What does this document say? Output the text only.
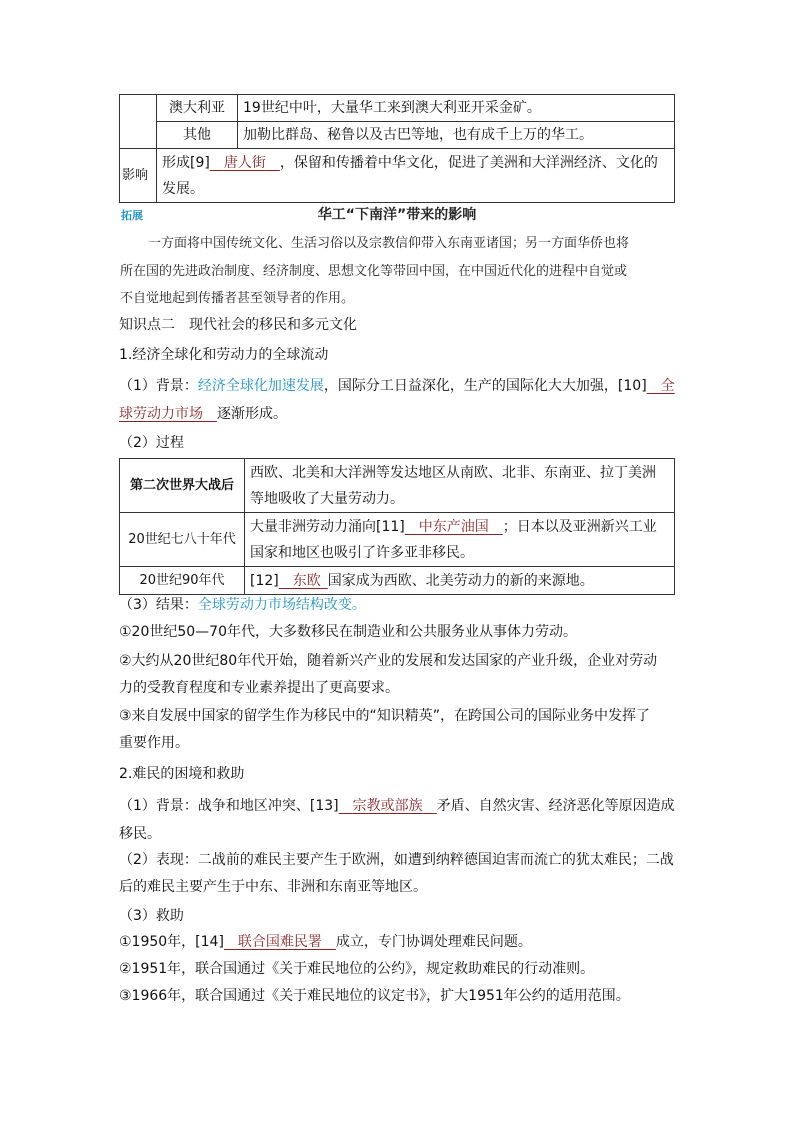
	澳大利亚	19世纪中叶，大量华工来到澳大利亚开采金矿。
	其他	加勒比群岛、秘鲁以及古巴等地，也有成千上万的华工。
影响	形成[9]   唐人街   ，保留和传播着中华文化，促进了美洲和大洋洲经济、文化的
发展。	
拓展	华工“下南洋”带来的影响
一方面将中国传统文化、生活习俗以及宗教信仰带入东南亚诸国；另一方面华侨也将
所在国的先进政治制度、经济制度、思想文化等带回中国，在中国近代化的进程中自觉或
不自觉地起到传播者甚至领导者的作用。
知识点二　现代社会的移民和多元文化
1.经济全球化和劳动力的全球流动
（1）背景：经济全球化加速发展，国际分工日益深化，生产的国际化大大加强，[10]   全
球劳动力市场   逐渐形成。
（2）过程
第二次世界大战后	西欧、北美和大洋洲等发达地区从南欧、北非、东南亚、拉丁美洲
等地吸收了大量劳动力。
20世纪七八十年代	大量非洲劳动力涌向[11]   中东产油国   ；日本以及亚洲新兴工业
国家和地区也吸引了许多亚非移民。
20世纪90年代	[12]   东欧  国家成为西欧、北美劳动力的新的来源地。
（3）结果：全球劳动力市场结构改变。
①20世纪50—70年代，大多数移民在制造业和公共服务业从事体力劳动。
②大约从20世纪80年代开始，随着新兴产业的发展和发达国家的产业升级，企业对劳动
力的受教育程度和专业素养提出了更高要求。
③来自发展中国家的留学生作为移民中的“知识精英”，在跨国公司的国际业务中发挥了
重要作用。
2.难民的困境和救助
（1）背景：战争和地区冲突、[13]   宗教或部族   矛盾、自然灾害、经济恶化等原因造成
移民。
（2）表现：二战前的难民主要产生于欧洲，如遭到纳粹德国迫害而流亡的犹太难民；二战
后的难民主要产生于中东、非洲和东南亚等地区。
（3）救助
①1950年，[14]   联合国难民署   成立，专门协调处理难民问题。
②1951年，联合国通过《关于难民地位的公约》，规定救助难民的行动准则。
③1966年，联合国通过《关于难民地位的议定书》，扩大1951年公约的适用范围。
